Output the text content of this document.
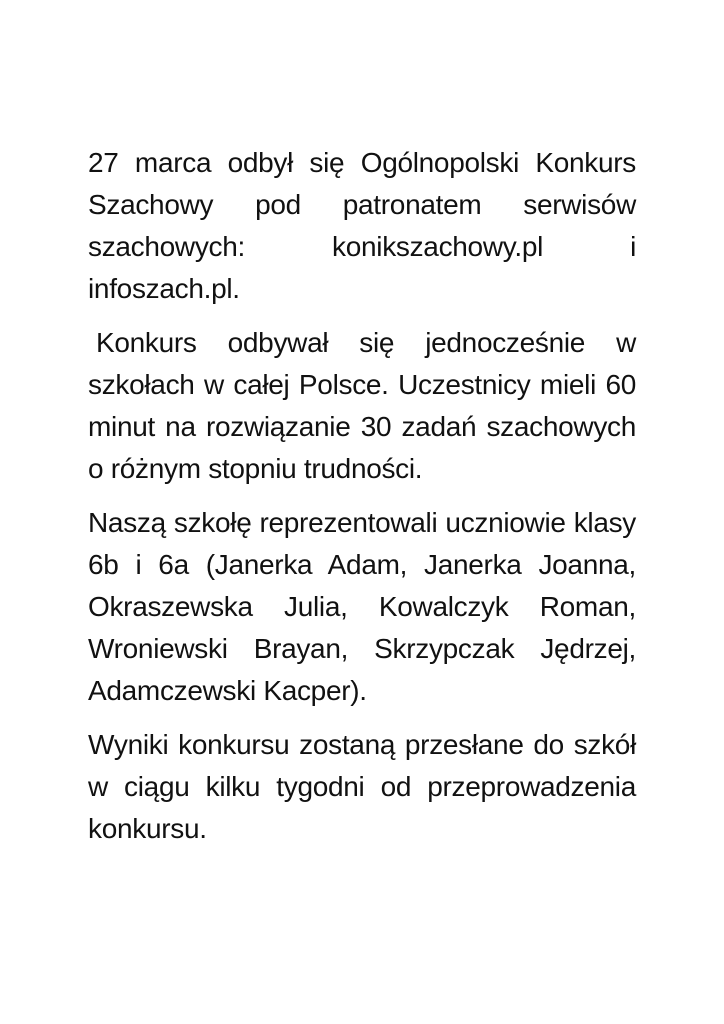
27 marca odbył się Ogólnopolski Konkurs Szachowy pod patronatem serwisów szachowych: konikszachowy.pl i infoszach.pl.

Konkurs odbywał się jednocześnie w szkołach w całej Polsce. Uczestnicy mieli 60 minut na rozwiązanie 30 zadań szachowych o różnym stopniu trudności.

Naszą szkołę reprezentowali uczniowie klasy 6b i 6a (Janerka Adam, Janerka Joanna, Okraszewska Julia, Kowalczyk Roman, Wroniewski Brayan, Skrzypczak Jędrzej, Adamczewski Kacper).

Wyniki konkursu zostaną przesłane do szkół w ciągu kilku tygodni od przeprowadzenia konkursu.
